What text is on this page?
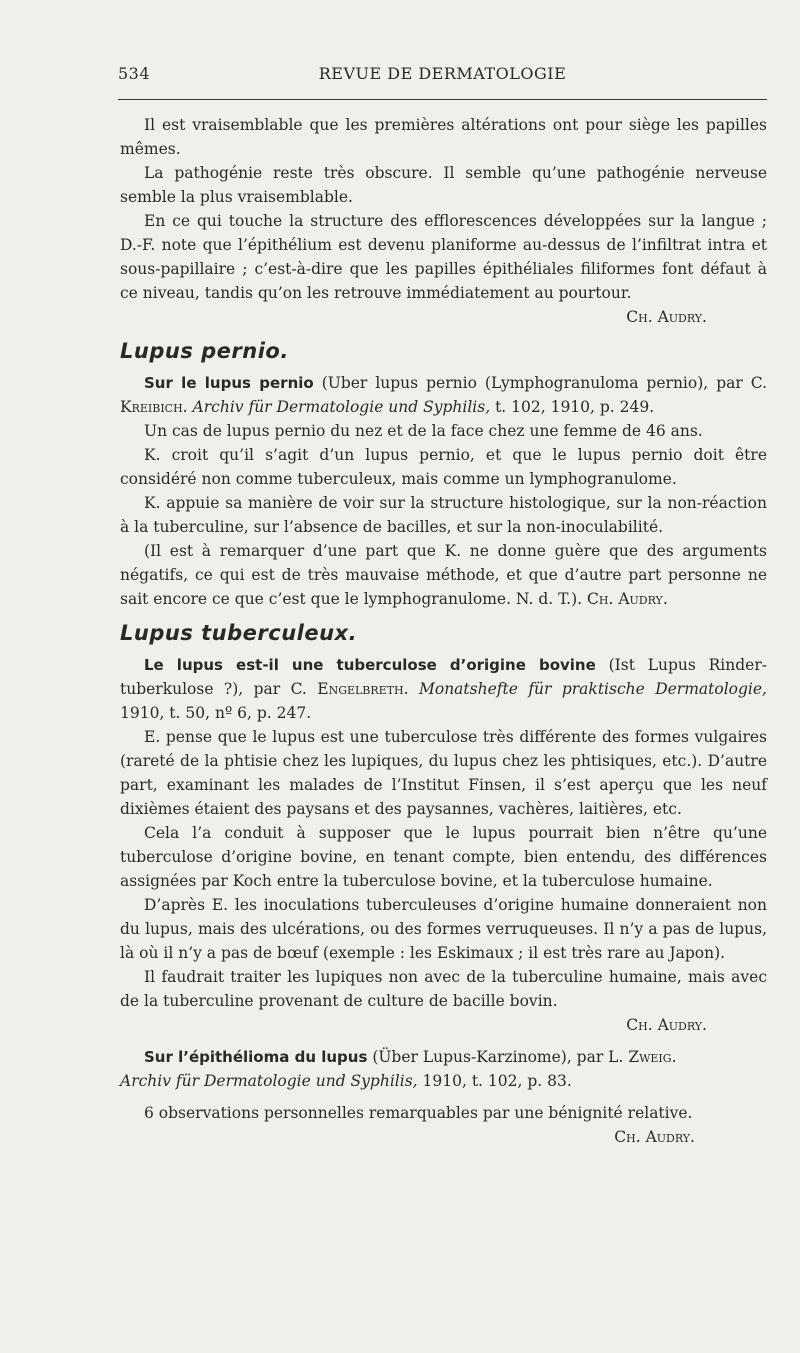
534	REVUE DE DERMATOLOGIE

Il est vraisemblable que les premières altérations ont pour siège les papilles mêmes.

La pathogénie reste très obscure. Il semble qu’une pathogénie nerveuse semble la plus vraisemblable.

En ce qui touche la structure des efflorescences développées sur la langue ; D.-F. note que l’épithélium est devenu planiforme au-dessus de l’infiltrat intra et sous-papillaire ; c’est-à-dire que les papilles épithéliales filiformes font défaut à ce niveau, tandis qu’on les retrouve immédiatement au pourtour.

Ch. Audry.

Lupus pernio.

Sur le lupus pernio (Uber lupus pernio (Lymphogranuloma pernio), par C. Kreibich. Archiv für Dermatologie und Syphilis, t. 102, 1910, p. 249.

Un cas de lupus pernio du nez et de la face chez une femme de 46 ans.

K. croit qu’il s’agit d’un lupus pernio, et que le lupus pernio doit être considéré non comme tuberculeux, mais comme un lymphogranulome.

K. appuie sa manière de voir sur la structure histologique, sur la non-réaction à la tuberculine, sur l’absence de bacilles, et sur la non-inoculabilité.

(Il est à remarquer d’une part que K. ne donne guère que des arguments négatifs, ce qui est de très mauvaise méthode, et que d’autre part personne ne sait encore ce que c’est que le lymphogranulome. N. d. T.). Ch. Audry.

Lupus tuberculeux.

Le lupus est-il une tuberculose d’origine bovine (Ist Lupus Rinder-tuberkulose ?), par C. Engelbreth. Monatshefte für praktische Dermatologie, 1910, t. 50, nº 6, p. 247.

E. pense que le lupus est une tuberculose très différente des formes vulgaires (rareté de la phtisie chez les lupiques, du lupus chez les phtisiques, etc.). D’autre part, examinant les malades de l’Institut Finsen, il s’est aperçu que les neuf dixièmes étaient des paysans et des paysannes, vachères, laitières, etc.

Cela l’a conduit à supposer que le lupus pourrait bien n’être qu’une tuberculose d’origine bovine, en tenant compte, bien entendu, des différences assignées par Koch entre la tuberculose bovine, et la tuberculose humaine.

D’après E. les inoculations tuberculeuses d’origine humaine donneraient non du lupus, mais des ulcérations, ou des formes verruqueuses. Il n’y a pas de lupus, là où il n’y a pas de bœuf (exemple : les Eskimaux ; il est très rare au Japon).

Il faudrait traiter les lupiques non avec de la tuberculine humaine, mais avec de la tuberculine provenant de culture de bacille bovin.

Ch. Audry.

Sur l’épithélioma du lupus (Über Lupus-Karzinome), par L. Zweig.
Archiv für Dermatologie und Syphilis, 1910, t. 102, p. 83.

6 observations personnelles remarquables par une bénignité relative.

Ch. Audry.
